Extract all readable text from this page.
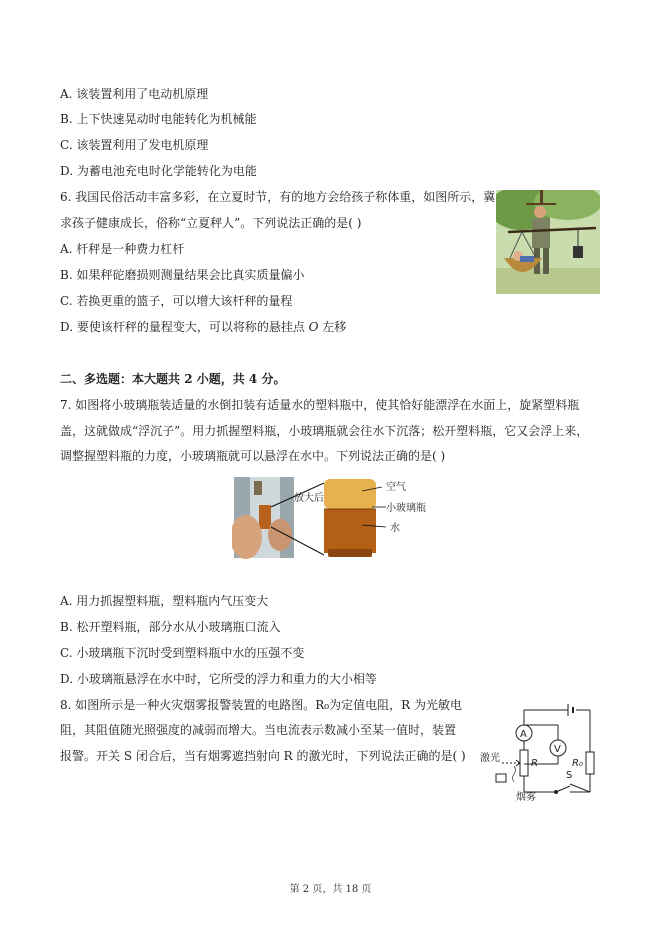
A. 该装置利用了电动机原理
B. 上下快速晃动时电能转化为机械能
C. 该装置利用了发电机原理
D. 为蓄电池充电时化学能转化为电能
6. 我国民俗活动丰富多彩，在立夏时节，有的地方会给孩子称体重，如图所示，冀
求孩子健康成长，俗称“立夏秤人”。下列说法正确的是( )
A. 杆秤是一种费力杠杆
B. 如果秤砣磨损则测量结果会比真实质量偏小
C. 若换更重的篮子，可以增大该杆秤的量程
D. 要使该杆秤的量程变大，可以将称的悬挂点 O 左移
二、多选题：本大题共 2 小题，共 4 分。
7. 如图将小玻璃瓶装适量的水倒扣装有适量水的塑料瓶中，使其恰好能漂浮在水面上，旋紧塑料瓶盖，这就做成“浮沉子”。用力抓握塑料瓶，小玻璃瓶就会往水下沉落；松开塑料瓶，它又会浮上来，调整握塑料瓶的力度，小玻璃瓶就可以悬浮在水中。下列说法正确的是( )
放大后
空气
小玻璃瓶
水
A. 用力抓握塑料瓶，塑料瓶内气压变大
B. 松开塑料瓶，部分水从小玻璃瓶口流入
C. 小玻璃瓶下沉时受到塑料瓶中水的压强不变
D. 小玻璃瓶悬浮在水中时，它所受的浮力和重力的大小相等
8. 如图所示是一种火灾烟雾报警装置的电路图。R₀为定值电阻，R 为光敏电
阻，其阻值随光照强度的减弱而增大。当电流表示数减小至某一值时，装置
报警。开关 S 闭合后，当有烟雾遮挡射向 R 的激光时，下列说法正确的是( )
A
V
R	R₀
S
激光
烟雾
第 2 页，共 18 页
